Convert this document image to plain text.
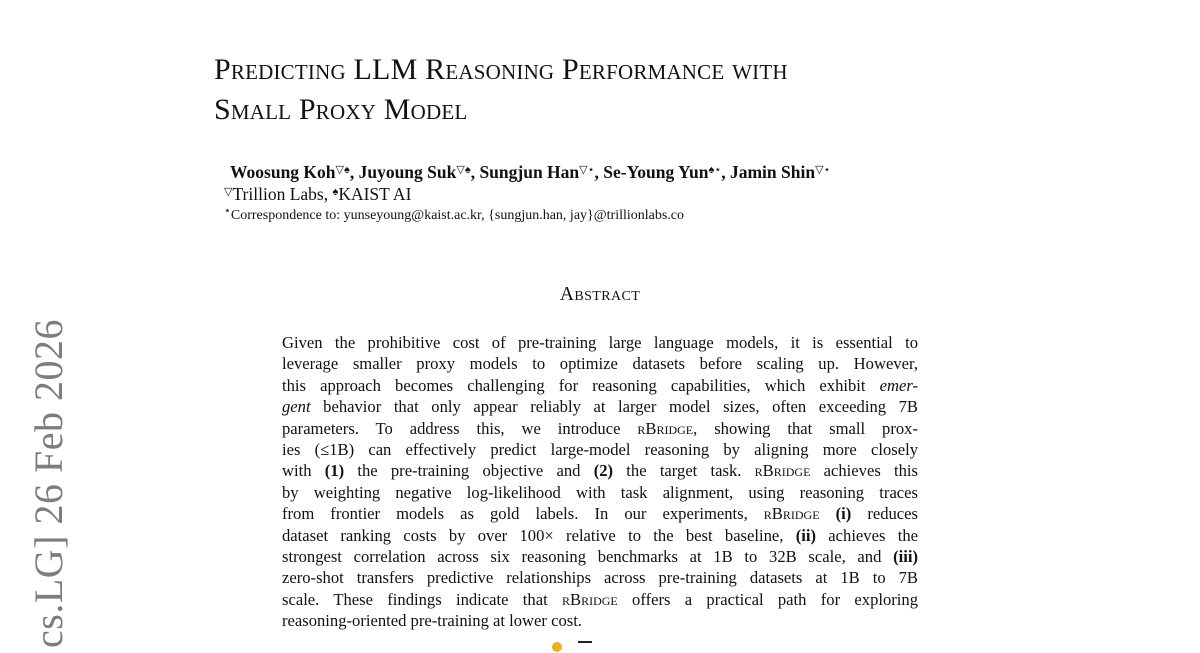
Predicting LLM Reasoning Performance with
Small Proxy Model
Woosung Koh▽♠, Juyoung Suk▽♠, Sungjun Han▽⋆, Se-Young Yun♠⋆, Jamin Shin▽⋆
▽Trillion Labs, ♠KAIST AI
⋆Correspondence to: yunseyoung@kaist.ac.kr, {sungjun.han, jay}@trillionlabs.co
Abstract
Given the prohibitive cost of pre-training large language models, it is essential to
leverage smaller proxy models to optimize datasets before scaling up. However,
this approach becomes challenging for reasoning capabilities, which exhibit emer-
gent behavior that only appear reliably at larger model sizes, often exceeding 7B
parameters. To address this, we introduce rBridge, showing that small prox-
ies (≤1B) can effectively predict large-model reasoning by aligning more closely
with (1) the pre-training objective and (2) the target task. rBridge achieves this
by weighting negative log-likelihood with task alignment, using reasoning traces
from frontier models as gold labels. In our experiments, rBridge (i) reduces
dataset ranking costs by over 100× relative to the best baseline, (ii) achieves the
strongest correlation across six reasoning benchmarks at 1B to 32B scale, and (iii)
zero-shot transfers predictive relationships across pre-training datasets at 1B to 7B
scale. These findings indicate that rBridge offers a practical path for exploring
reasoning-oriented pre-training at lower cost.
cs.LG] 26 Feb 2026
